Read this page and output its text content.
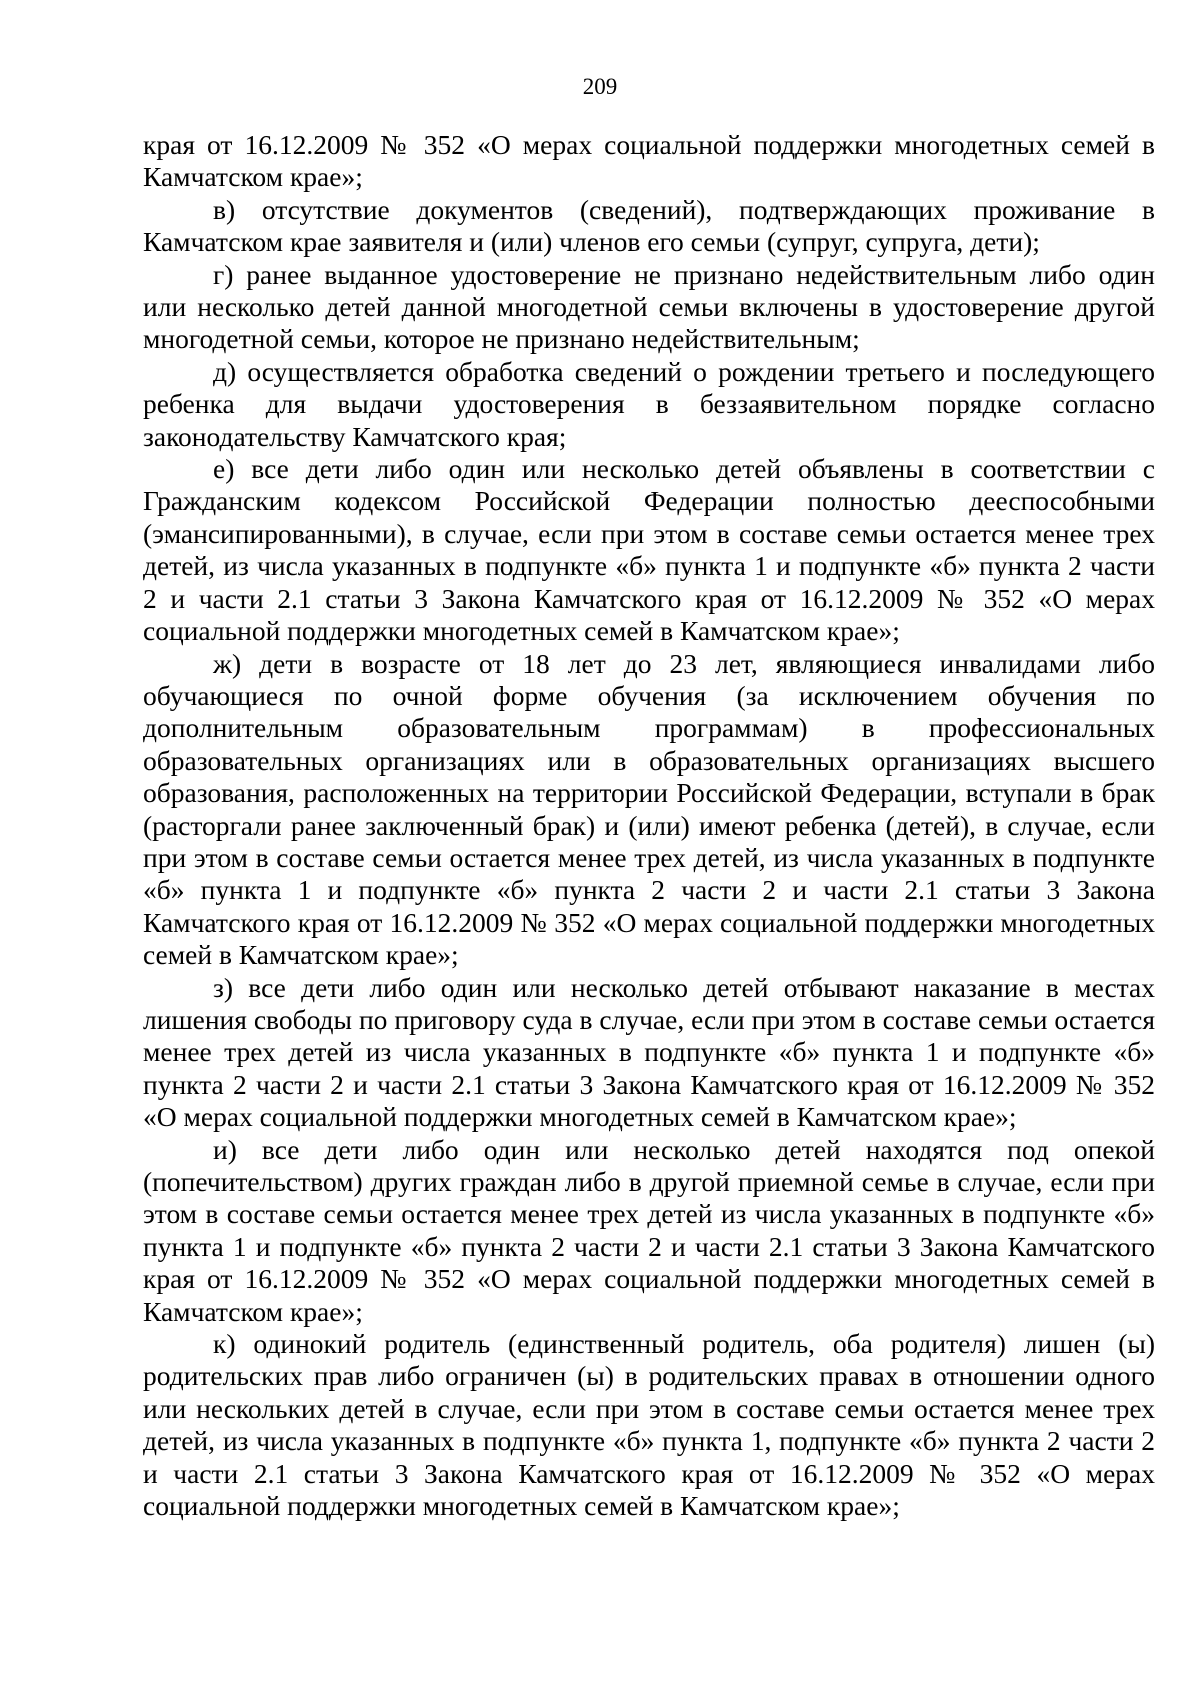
209

края от 16.12.2009 № 352 «О мерах социальной поддержки многодетных семей в Камчатском крае»;

в) отсутствие документов (сведений), подтверждающих проживание в Камчатском крае заявителя и (или) членов его семьи (супруг, супруга, дети);

г) ранее выданное удостоверение не признано недействительным либо один или несколько детей данной многодетной семьи включены в удостоверение другой многодетной семьи, которое не признано недействительным;

д) осуществляется обработка сведений о рождении третьего и последующего ребенка для выдачи удостоверения в беззаявительном порядке согласно законодательству Камчатского края;

е) все дети либо один или несколько детей объявлены в соответствии с Гражданским кодексом Российской Федерации полностью дееспособными (эмансипированными), в случае, если при этом в составе семьи остается менее трех детей, из числа указанных в подпункте «б» пункта 1 и подпункте «б» пункта 2 части 2 и части 2.1 статьи 3 Закона Камчатского края от 16.12.2009 № 352 «О мерах социальной поддержки многодетных семей в Камчатском крае»;

ж) дети в возрасте от 18 лет до 23 лет, являющиеся инвалидами либо обучающиеся по очной форме обучения (за исключением обучения по дополнительным образовательным программам) в профессиональных образовательных организациях или в образовательных организациях высшего образования, расположенных на территории Российской Федерации, вступали в брак (расторгали ранее заключенный брак) и (или) имеют ребенка (детей), в случае, если при этом в составе семьи остается менее трех детей, из числа указанных в подпункте «б» пункта 1 и подпункте «б» пункта 2 части 2 и части 2.1 статьи 3 Закона Камчатского края от 16.12.2009 № 352 «О мерах социальной поддержки многодетных семей в Камчатском крае»;

з) все дети либо один или несколько детей отбывают наказание в местах лишения свободы по приговору суда в случае, если при этом в составе семьи остается менее трех детей из числа указанных в подпункте «б» пункта 1 и подпункте «б» пункта 2 части 2 и части 2.1 статьи 3 Закона Камчатского края от 16.12.2009 № 352 «О мерах социальной поддержки многодетных семей в Камчатском крае»;

и) все дети либо один или несколько детей находятся под опекой (попечительством) других граждан либо в другой приемной семье в случае, если при этом в составе семьи остается менее трех детей из числа указанных в подпункте «б» пункта 1 и подпункте «б» пункта 2 части 2 и части 2.1 статьи 3 Закона Камчатского края от 16.12.2009 № 352 «О мерах социальной поддержки многодетных семей в Камчатском крае»;

к) одинокий родитель (единственный родитель, оба родителя) лишен (ы) родительских прав либо ограничен (ы) в родительских правах в отношении одного или нескольких детей в случае, если при этом в составе семьи остается менее трех детей, из числа указанных в подпункте «б» пункта 1, подпункте «б» пункта 2 части 2 и части 2.1 статьи 3 Закона Камчатского края от 16.12.2009 № 352 «О мерах социальной поддержки многодетных семей в Камчатском крае»;
